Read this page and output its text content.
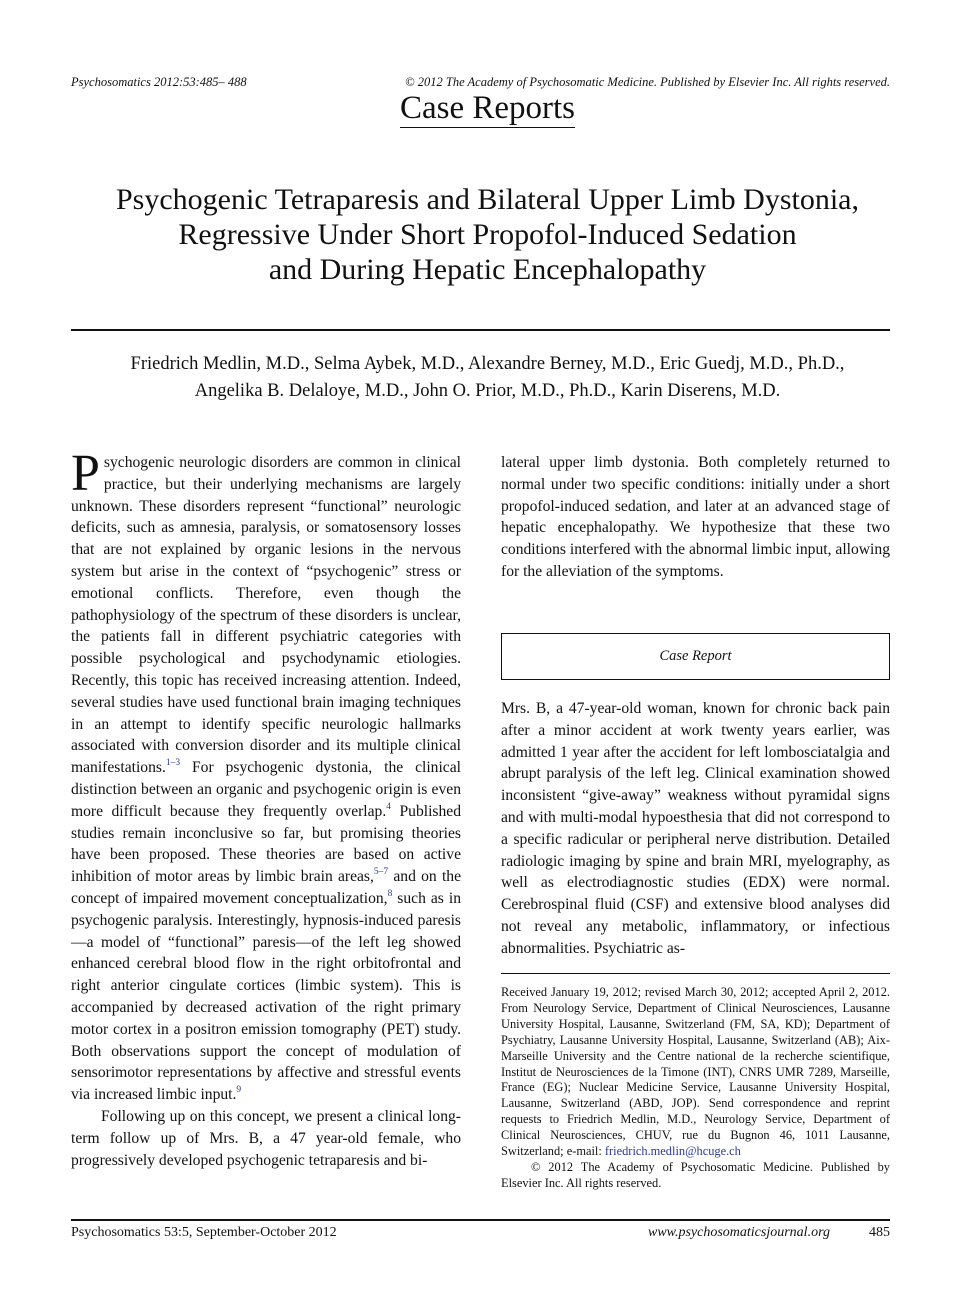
Psychosomatics 2012:53:485– 488	© 2012 The Academy of Psychosomatic Medicine. Published by Elsevier Inc. All rights reserved.
Case Reports
Psychogenic Tetraparesis and Bilateral Upper Limb Dystonia,
Regressive Under Short Propofol-Induced Sedation
and During Hepatic Encephalopathy
Friedrich Medlin, M.D., Selma Aybek, M.D., Alexandre Berney, M.D., Eric Guedj, M.D., Ph.D.,
Angelika B. Delaloye, M.D., John O. Prior, M.D., Ph.D., Karin Diserens, M.D.

Psychogenic neurologic disorders are common in clinical practice, but their underlying mechanisms are largely unknown. These disorders represent “functional” neurologic deficits, such as amnesia, paralysis, or somatosensory losses that are not explained by organic lesions in the nervous system but arise in the context of “psychogenic” stress or emotional conflicts. Therefore, even though the pathophysiology of the spectrum of these disorders is unclear, the patients fall in different psychiatric categories with possible psychological and psychodynamic etiologies. Recently, this topic has received increasing attention. Indeed, several studies have used functional brain imaging techniques in an attempt to identify specific neurologic hallmarks associated with conversion disorder and its multiple clinical manifestations.$^{1-3}$ For psychogenic dystonia, the clinical distinction between an organic and psychogenic origin is even more difficult because they frequently overlap.$^4$ Published studies remain inconclusive so far, but promising theories have been proposed. These theories are based on active inhibition of motor areas by limbic brain areas,$^{5-7}$ and on the concept of impaired movement conceptualization,$^8$ such as in psychogenic paralysis. Interestingly, hypnosis-induced paresis—a model of “functional” paresis—of the left leg showed enhanced cerebral blood flow in the right orbitofrontal and right anterior cingulate cortices (limbic system). This is accompanied by decreased activation of the right primary motor cortex in a positron emission tomography (PET) study. Both observations support the concept of modulation of sensorimotor representations by affective and stressful events via increased limbic input.$^9$

Following up on this concept, we present a clinical long-term follow up of Mrs. B, a 47 year-old female, who progressively developed psychogenic tetraparesis and bi-

lateral upper limb dystonia. Both completely returned to normal under two specific conditions: initially under a short propofol-induced sedation, and later at an advanced stage of hepatic encephalopathy. We hypothesize that these two conditions interfered with the abnormal limbic input, allowing for the alleviation of the symptoms.

Case Report

Mrs. B, a 47-year-old woman, known for chronic back pain after a minor accident at work twenty years earlier, was admitted 1 year after the accident for left lombosciatalgia and abrupt paralysis of the left leg. Clinical examination showed inconsistent “give-away” weakness without pyramidal signs and with multi-modal hypoesthesia that did not correspond to a specific radicular or peripheral nerve distribution. Detailed radiologic imaging by spine and brain MRI, myelography, as well as electrodiagnostic studies (EDX) were normal. Cerebrospinal fluid (CSF) and extensive blood analyses did not reveal any metabolic, inflammatory, or infectious abnormalities. Psychiatric as-

Received January 19, 2012; revised March 30, 2012; accepted April 2, 2012. From Neurology Service, Department of Clinical Neurosciences, Lausanne University Hospital, Lausanne, Switzerland (FM, SA, KD); Department of Psychiatry, Lausanne University Hospital, Lausanne, Switzerland (AB); Aix-Marseille University and the Centre national de la recherche scientifique, Institut de Neurosciences de la Timone (INT), CNRS UMR 7289, Marseille, France (EG); Nuclear Medicine Service, Lausanne University Hospital, Lausanne, Switzerland (ABD, JOP). Send correspondence and reprint requests to Friedrich Medlin, M.D., Neurology Service, Department of Clinical Neurosciences, CHUV, rue du Bugnon 46, 1011 Lausanne, Switzerland; e-mail: friedrich.medlin@hcuge.ch

© 2012 The Academy of Psychosomatic Medicine. Published by Elsevier Inc. All rights reserved.

Psychosomatics 53:5, September-October 2012	www.psychosomaticsjournal.org	485
